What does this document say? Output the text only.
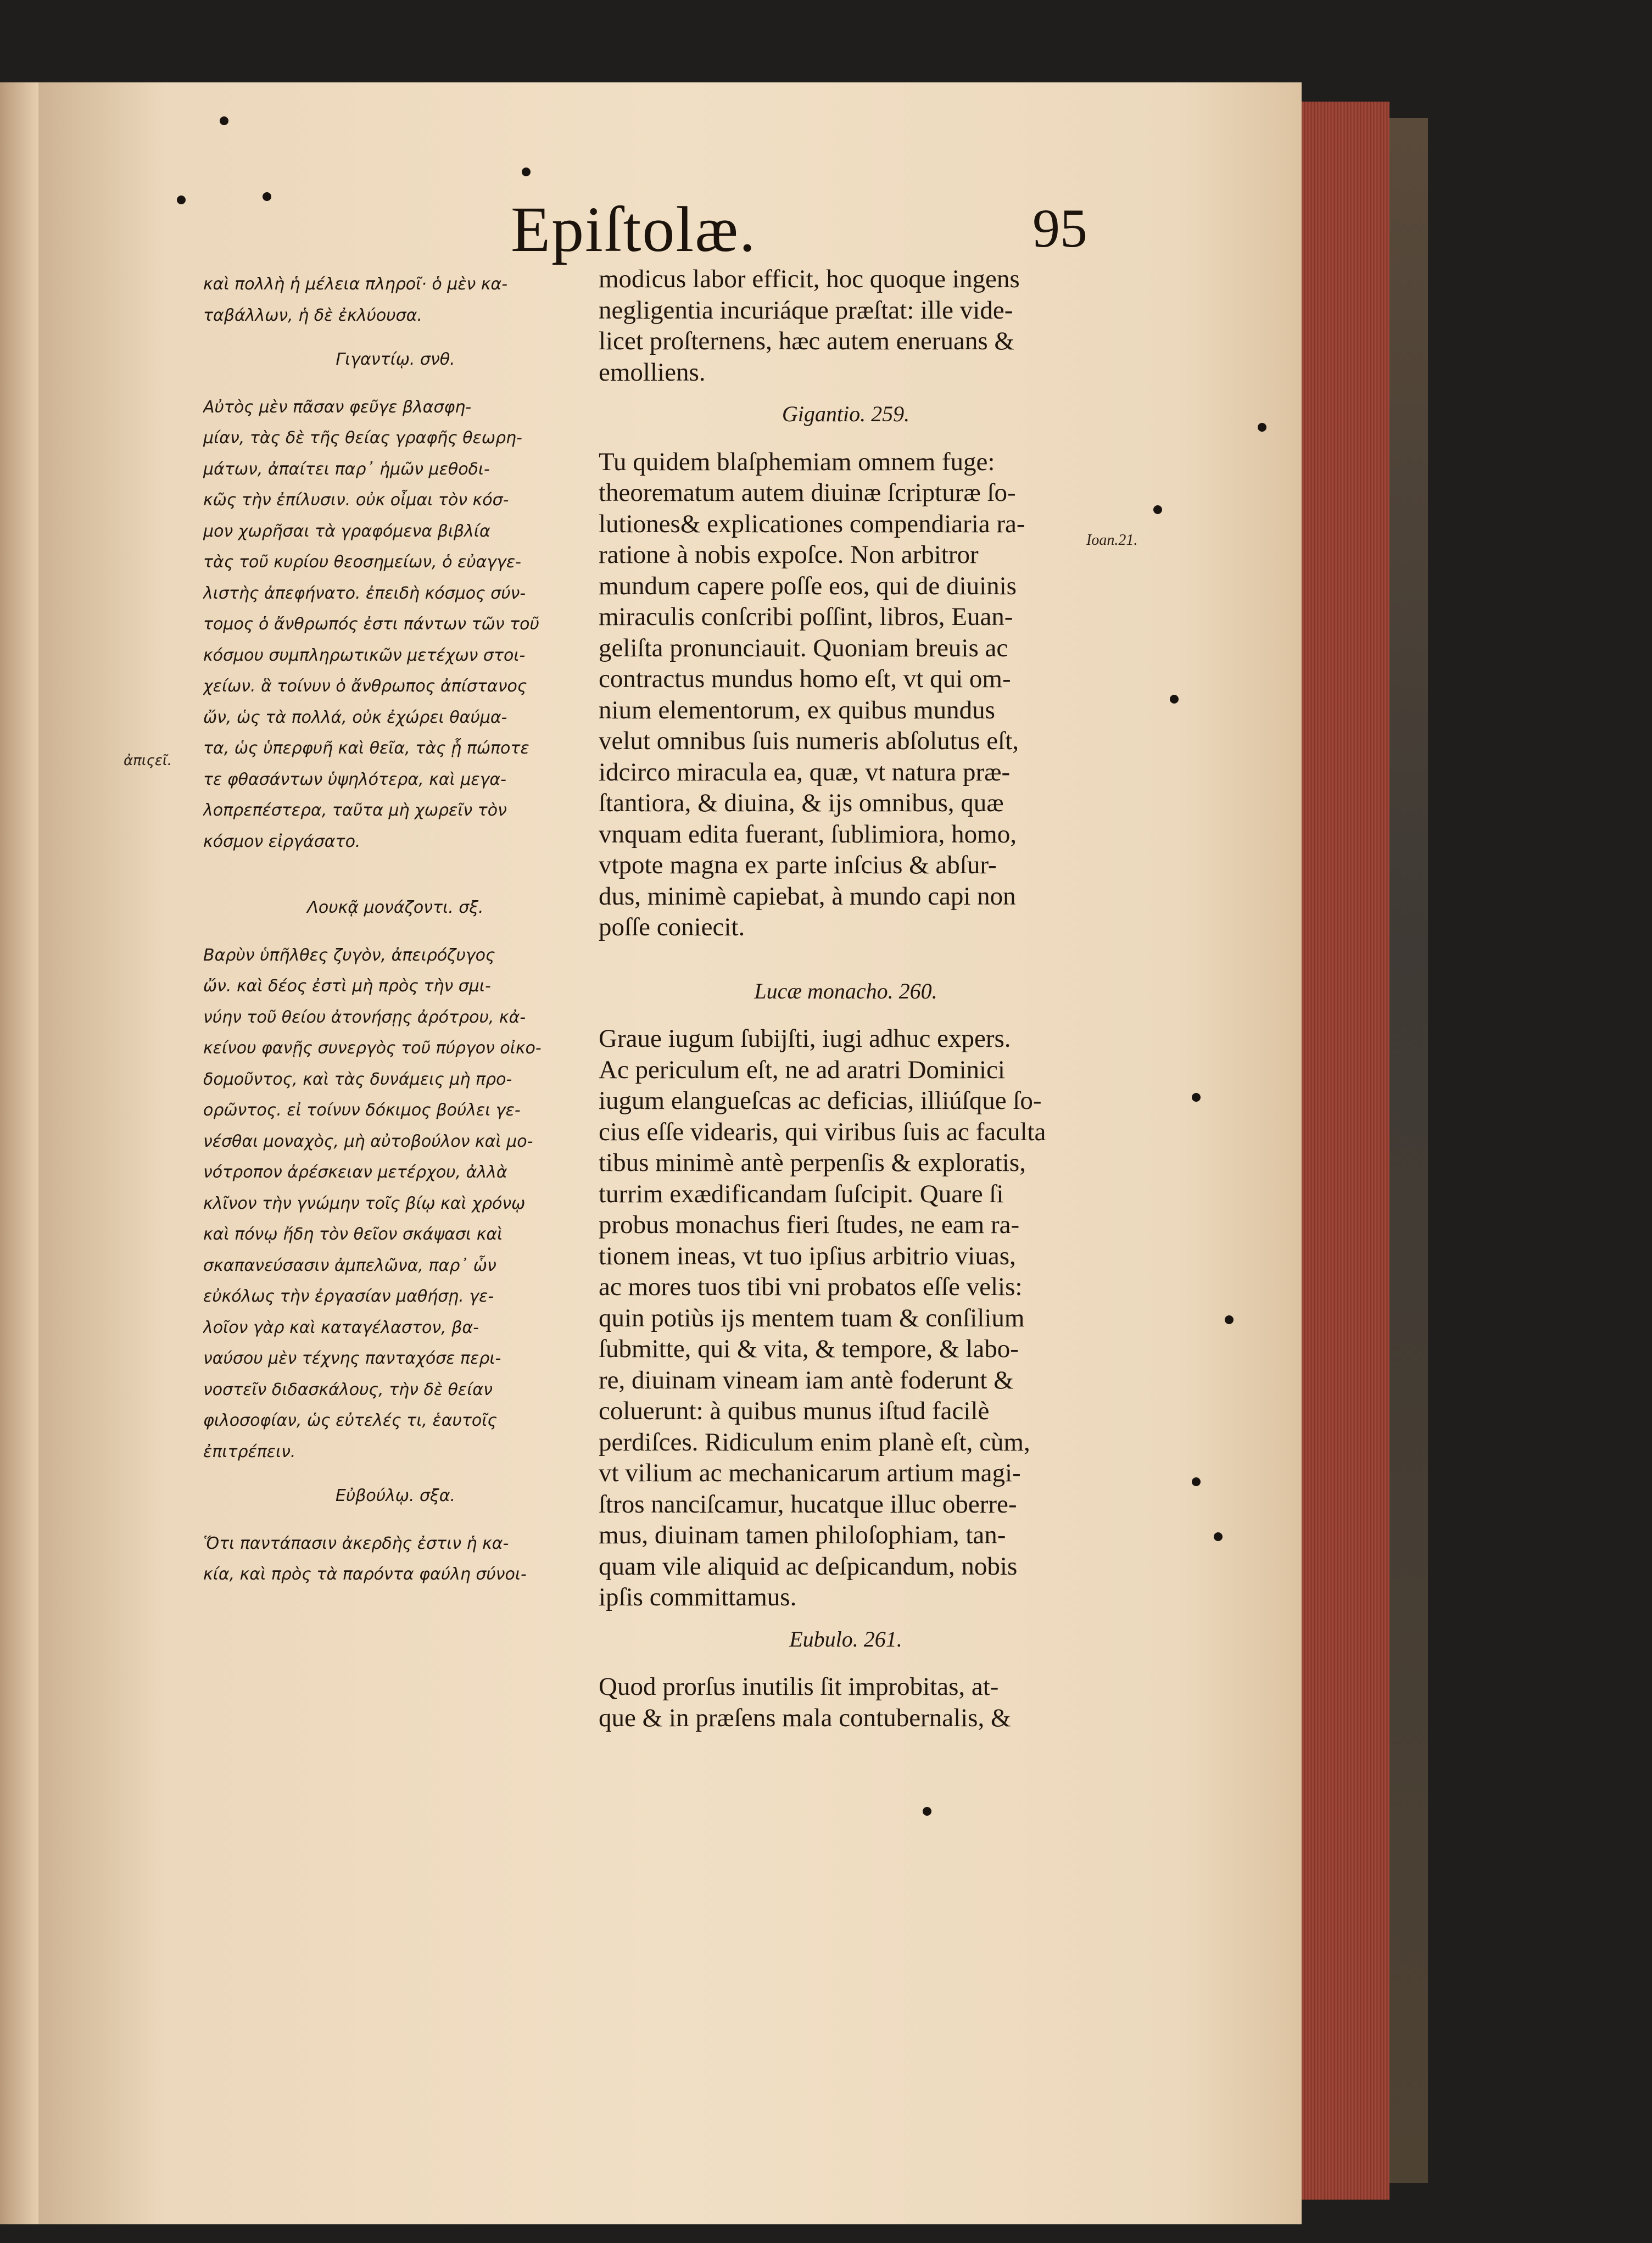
Epiſtolæ.	95
ἀπιςεῖ.
Ioan.21.
καὶ πολλὴ ἡ μέλεια πληροῖ· ὁ μὲν κα-
ταβάλλων, ἡ δὲ ἐκλύουσα.
Γιγαντίῳ. σνθ.
Αὐτὸς μὲν πᾶσαν φεῦγε βλασφη-
μίαν, τὰς δὲ τῆς θείας γραφῆς θεωρη-
μάτων, ἀπαίτει παρ᾽ ἡμῶν μεθοδι-
κῶς τὴν ἐπίλυσιν. οὐκ οἶμαι τὸν κόσ-
μον χωρῆσαι τὰ γραφόμενα βιβλία
τὰς τοῦ κυρίου θεοσημείων, ὁ εὐαγγε-
λιστὴς ἀπεφήνατο. ἐπειδὴ κόσμος σύν-
τομος ὁ ἄνθρωπός ἐστι πάντων τῶν τοῦ
κόσμου συμπληρωτικῶν μετέχων στοι-
χείων. ἃ τοίνυν ὁ ἄνθρωπος ἀπίστανος
ὤν, ὡς τὰ πολλά, οὐκ ἐχώρει θαύμα-
τα, ὡς ὑπερφυῆ καὶ θεῖα, τὰς ᾗ πώποτε
τε φθασάντων ὑψηλότερα, καὶ μεγα-
λοπρεπέστερα, ταῦτα μὴ χωρεῖν τὸν
κόσμον εἰργάσατο.
Λουκᾷ μονάζοντι. σξ.
Βαρὺν ὑπῆλθες ζυγὸν, ἀπειρόζυγος
ὤν. καὶ δέος ἐστὶ μὴ πρὸς τὴν σμι-
νύην τοῦ θείου ἀτονήσῃς ἀρότρου, κἀ-
κείνου φανῇς συνεργὸς τοῦ πύργον οἰκο-
δομοῦντος, καὶ τὰς δυνάμεις μὴ προ-
ορῶντος. εἰ τοίνυν δόκιμος βούλει γε-
νέσθαι μοναχὸς, μὴ αὐτοβούλον καὶ μο-
νότροπον ἀρέσκειαν μετέρχου, ἀλλὰ
κλῖνον τὴν γνώμην τοῖς βίῳ καὶ χρόνῳ
καὶ πόνῳ ἤδη τὸν θεῖον σκάψασι καὶ
σκαπανεύσασιν ἀμπελῶνα, παρ᾽ ὧν
εὐκόλως τὴν ἐργασίαν μαθήσῃ. γε-
λοῖον γὰρ καὶ καταγέλαστον, βα-
ναύσου μὲν τέχνης πανταχόσε περι-
νοστεῖν διδασκάλους, τὴν δὲ θείαν
φιλοσοφίαν, ὡς εὐτελές τι, ἑαυτοῖς
ἐπιτρέπειν.
Εὐβούλῳ. σξα.
Ὅτι παντάπασιν ἀκερδὴς ἐστιν ἡ κα-
κία, καὶ πρὸς τὰ παρόντα φαύλη σύνοι-
modicus labor efficit, hoc quoque ingens
negligentia incuriáque præſtat: ille vide-
licet proſternens, hæc autem eneruans &
emolliens.
Gigantio. 259.
Tu quidem blaſphemiam omnem fuge:
theorematum autem diuinæ ſcripturæ ſo-
lutiones& explicationes compendiaria ra-
ratione à nobis expoſce. Non arbitror
mundum capere poſſe eos, qui de diuinis
miraculis conſcribi poſſint, libros, Euan-
geliſta pronunciauit. Quoniam breuis ac
contractus mundus homo eſt, vt qui om-
nium elementorum, ex quibus mundus
velut omnibus ſuis numeris abſolutus eſt,
idcirco miracula ea, quæ, vt natura præ-
ſtantiora, & diuina, & ijs omnibus, quæ
vnquam edita fuerant, ſublimiora, homo,
vtpote magna ex parte inſcius & abſur-
dus, minimè capiebat, à mundo capi non
poſſe coniecit.
Lucæ monacho. 260.
Graue iugum ſubijſti, iugi adhuc expers.
Ac periculum eſt, ne ad aratri Dominici
iugum elangueſcas ac deficias, illiúſque ſo-
cius eſſe videaris, qui viribus ſuis ac faculta
tibus minimè antè perpenſis & exploratis,
turrim exædificandam ſuſcipit. Quare ſi
probus monachus fieri ſtudes, ne eam ra-
tionem ineas, vt tuo ipſius arbitrio viuas,
ac mores tuos tibi vni probatos eſſe velis:
quin potiùs ijs mentem tuam & conſilium
ſubmitte, qui & vita, & tempore, & labo-
re, diuinam vineam iam antè foderunt &
coluerunt: à quibus munus iſtud facilè
perdiſces. Ridiculum enim planè eſt, cùm,
vt vilium ac mechanicarum artium magi-
ſtros nanciſcamur, hucatque illuc oberre-
mus, diuinam tamen philoſophiam, tan-
quam vile aliquid ac deſpicandum, nobis
ipſis committamus.
Eubulo. 261.
Quod prorſus inutilis ſit improbitas, at-
que & in præſens mala contubernalis, &
